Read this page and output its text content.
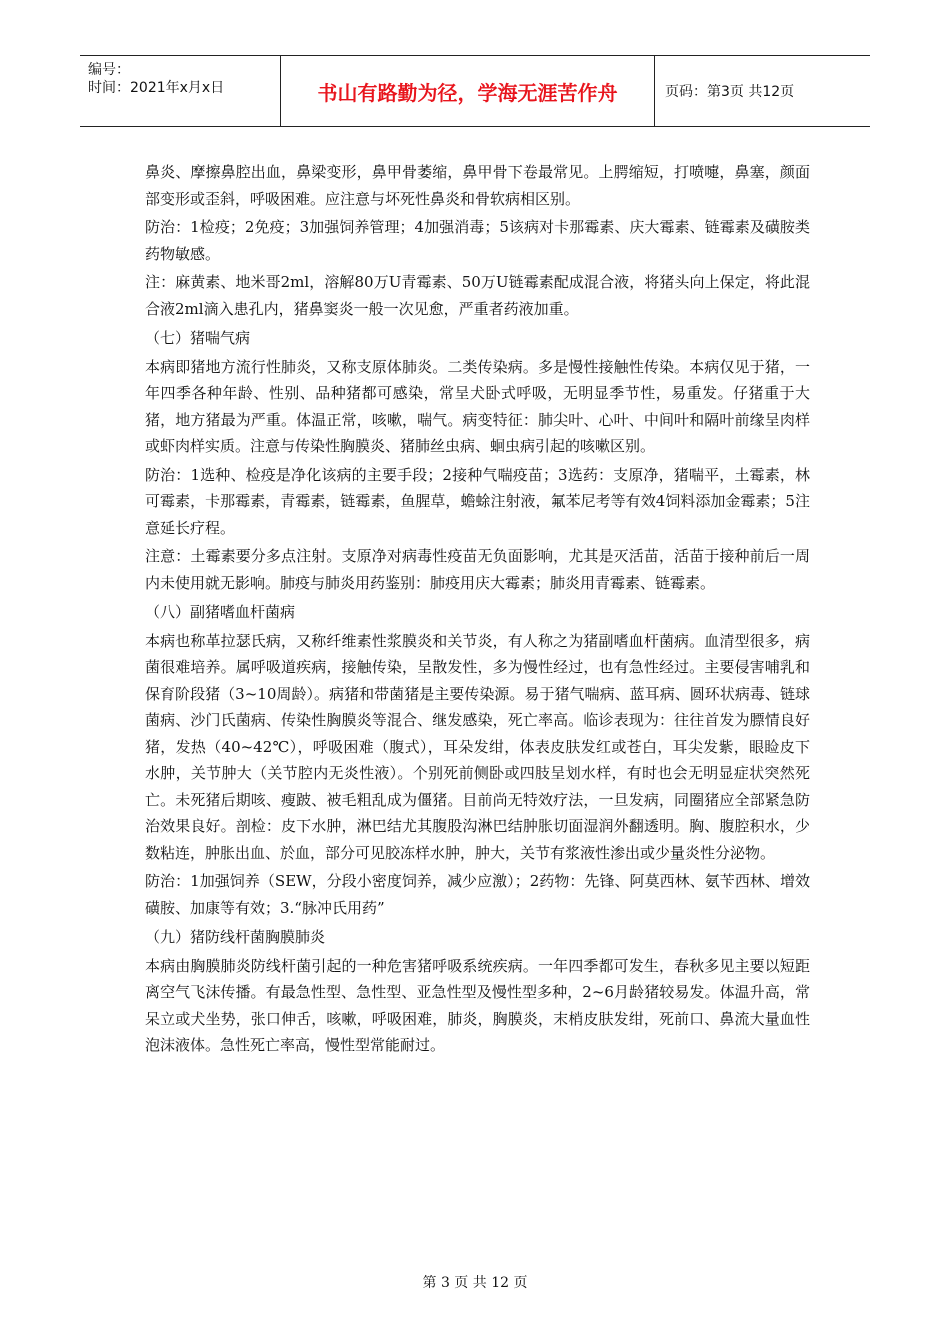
编号：
时间：2021年x月x日	书山有路勤为径，学海无涯苦作舟	页码：第3页 共12页

鼻炎、摩擦鼻腔出血，鼻梁变形，鼻甲骨萎缩，鼻甲骨下卷最常见。上腭缩短，打喷嚏，鼻塞，颜面部变形或歪斜，呼吸困难。应注意与坏死性鼻炎和骨软病相区别。

防治：1检疫；2免疫；3加强饲养管理；4加强消毒；5该病对卡那霉素、庆大霉素、链霉素及磺胺类药物敏感。

注：麻黄素、地米哥2ml，溶解80万U青霉素、50万U链霉素配成混合液，将猪头向上保定，将此混合液2ml滴入患孔内，猪鼻窦炎一般一次见愈，严重者药液加重。

（七）猪喘气病

本病即猪地方流行性肺炎，又称支原体肺炎。二类传染病。多是慢性接触性传染。本病仅见于猪，一年四季各种年龄、性别、品种猪都可感染，常呈犬卧式呼吸，无明显季节性，易重发。仔猪重于大猪，地方猪最为严重。体温正常，咳嗽，喘气。病变特征：肺尖叶、心叶、中间叶和隔叶前缘呈肉样或虾肉样实质。注意与传染性胸膜炎、猪肺丝虫病、蛔虫病引起的咳嗽区别。

防治：1选种、检疫是净化该病的主要手段；2接种气喘疫苗；3选药：支原净，猪喘平，土霉素，林可霉素，卡那霉素，青霉素，链霉素，鱼腥草，蟾蜍注射液，氟苯尼考等有效4饲料添加金霉素；5注意延长疗程。

注意：土霉素要分多点注射。支原净对病毒性疫苗无负面影响，尤其是灭活苗，活苗于接种前后一周内未使用就无影响。肺疫与肺炎用药鉴别：肺疫用庆大霉素；肺炎用青霉素、链霉素。

（八）副猪嗜血杆菌病

本病也称革拉瑟氏病，又称纤维素性浆膜炎和关节炎，有人称之为猪副嗜血杆菌病。血清型很多，病菌很难培养。属呼吸道疾病，接触传染，呈散发性，多为慢性经过，也有急性经过。主要侵害哺乳和保育阶段猪（3~10周龄）。病猪和带菌猪是主要传染源。易于猪气喘病、蓝耳病、圆环状病毒、链球菌病、沙门氏菌病、传染性胸膜炎等混合、继发感染，死亡率高。临诊表现为：往往首发为膘情良好猪，发热（40~42℃），呼吸困难（腹式），耳朵发绀，体表皮肤发红或苍白，耳尖发紫，眼睑皮下水肿，关节肿大（关节腔内无炎性液）。个别死前侧卧或四肢呈划水样，有时也会无明显症状突然死亡。未死猪后期咳、瘦跛、被毛粗乱成为僵猪。目前尚无特效疗法，一旦发病，同圈猪应全部紧急防治效果良好。剖检：皮下水肿，淋巴结尤其腹股沟淋巴结肿胀切面湿润外翻透明。胸、腹腔积水，少数粘连，肿胀出血、於血，部分可见胶冻样水肿，肿大，关节有浆液性渗出或少量炎性分泌物。

防治：1加强饲养（SEW，分段小密度饲养，减少应激）；2药物：先锋、阿莫西林、氨苄西林、增效磺胺、加康等有效；3.“脉冲氏用药”

（九）猪防线杆菌胸膜肺炎

本病由胸膜肺炎防线杆菌引起的一种危害猪呼吸系统疾病。一年四季都可发生，春秋多见主要以短距离空气飞沫传播。有最急性型、急性型、亚急性型及慢性型多种，2~6月龄猪较易发。体温升高，常呆立或犬坐势，张口伸舌，咳嗽，呼吸困难，肺炎，胸膜炎，末梢皮肤发绀，死前口、鼻流大量血性泡沫液体。急性死亡率高，慢性型常能耐过。

第 3 页 共 12 页
